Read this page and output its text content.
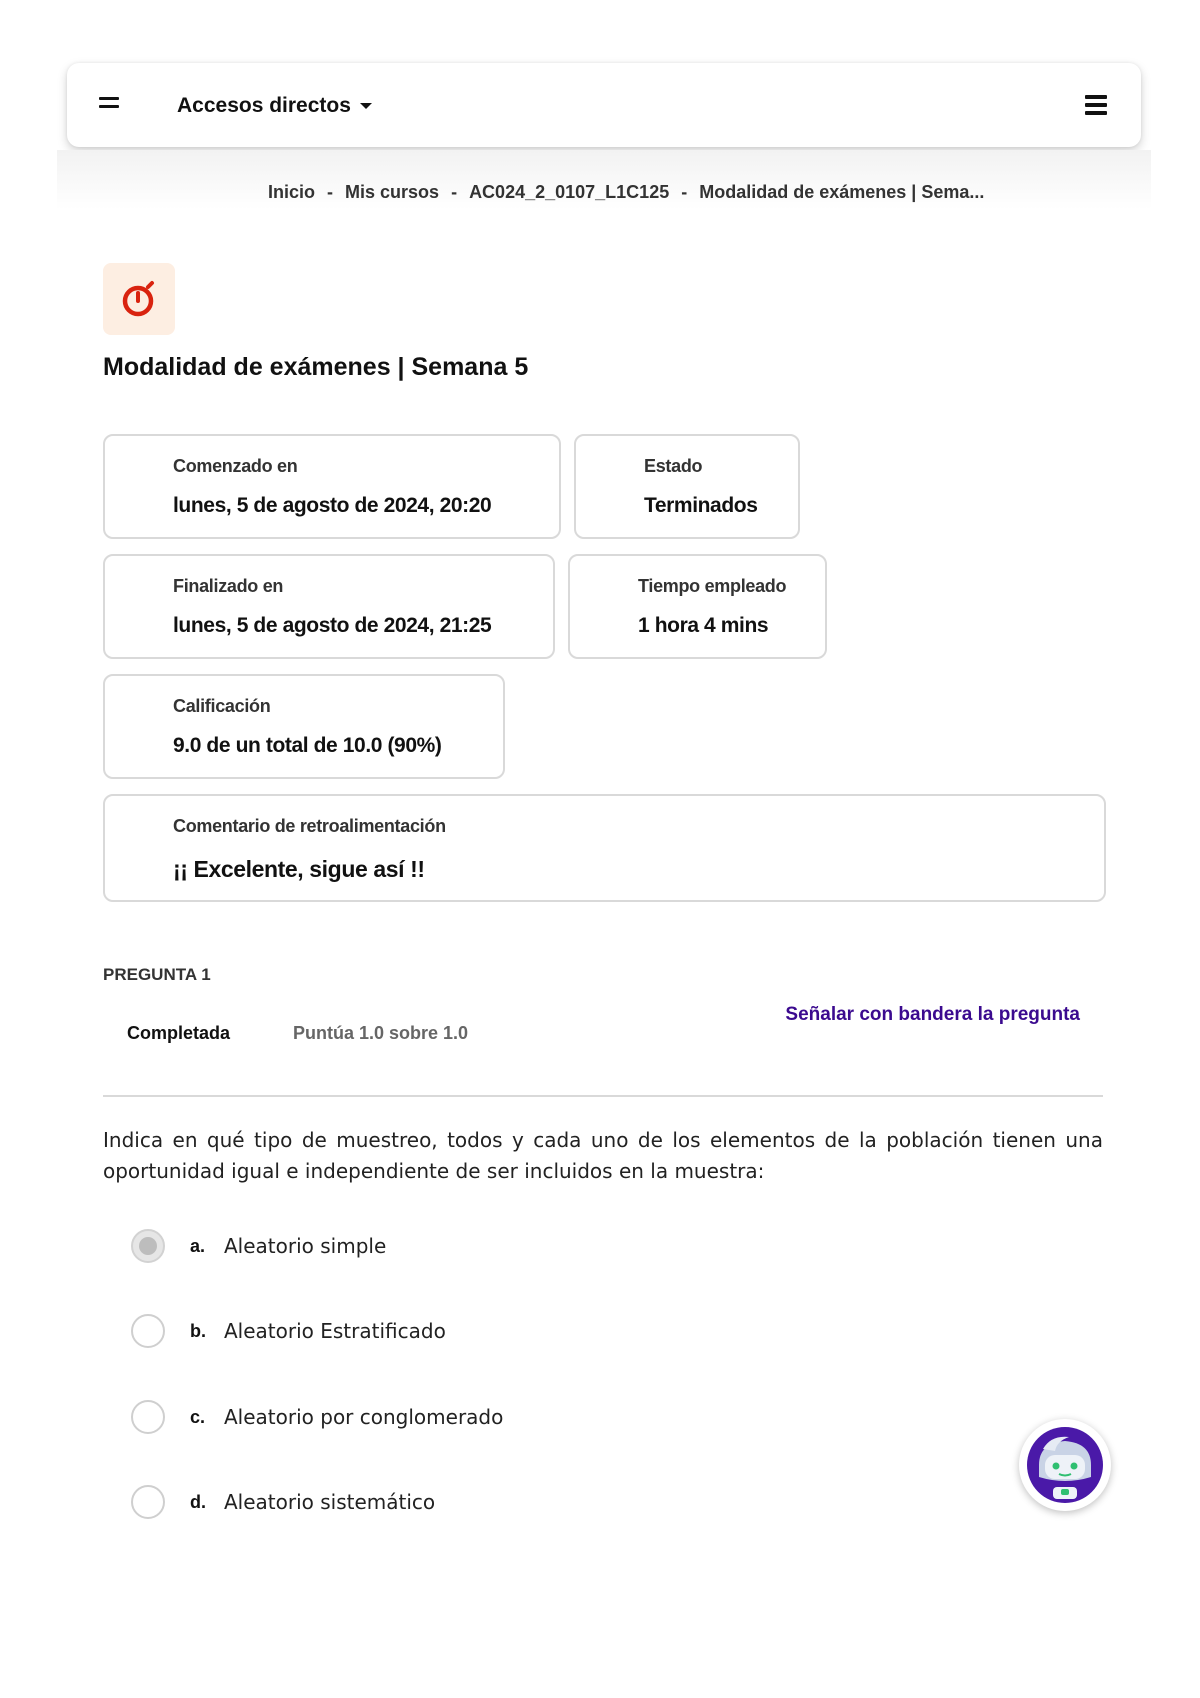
Accesos directos
Inicio - Mis cursos - AC024_2_0107_L1C125 - Modalidad de exámenes | Sema...
Modalidad de exámenes | Semana 5
Comenzado en
lunes, 5 de agosto de 2024, 20:20
Estado
Terminados
Finalizado en
lunes, 5 de agosto de 2024, 21:25
Tiempo empleado
1 hora 4 mins
Calificación
9.0 de un total de 10.0 (90%)
Comentario de retroalimentación
¡¡ Excelente, sigue así !!
PREGUNTA 1
Completada	Puntúa 1.0 sobre 1.0
Señalar con bandera la pregunta

Indica en qué tipo de muestreo, todos y cada uno de los elementos de la población tienen una oportunidad igual e independiente de ser incluidos en la muestra:

a. Aleatorio simple
b. Aleatorio Estratificado
c. Aleatorio por conglomerado
d. Aleatorio sistemático
